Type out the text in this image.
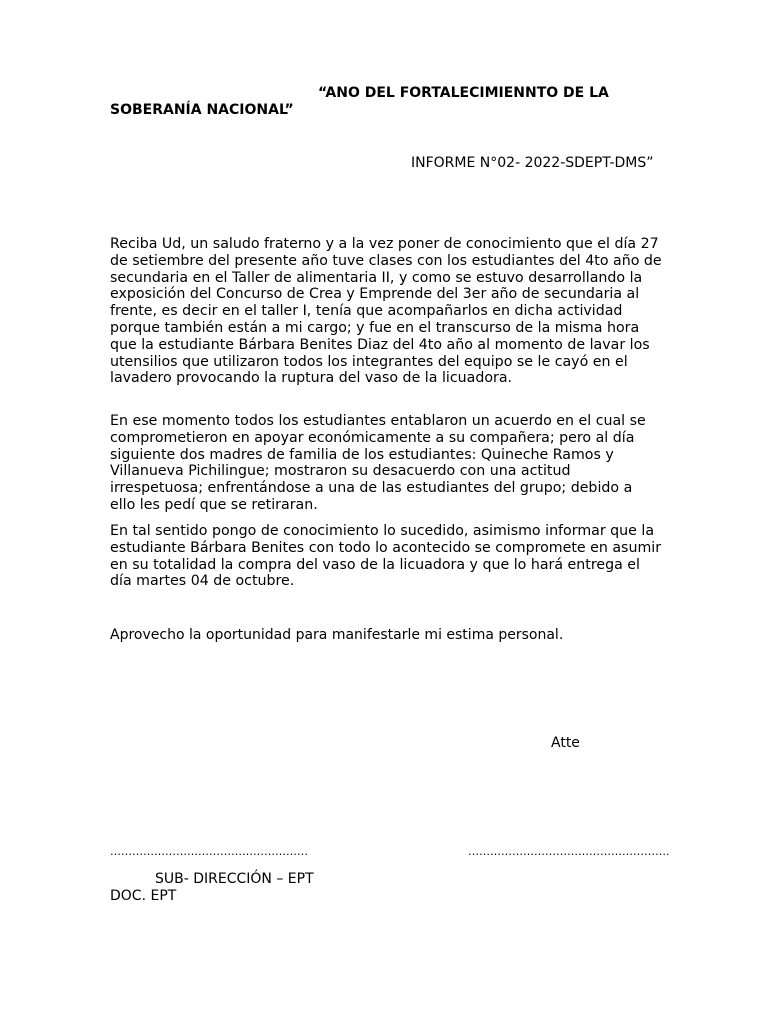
“ANO DEL FORTALECIMIENNTO DE LA SOBERANÍA NACIONAL”
INFORME N°02- 2022-SDEPT-DMS”

Reciba Ud, un saludo fraterno y a la vez poner de conocimiento que el día 27 de setiembre del presente año tuve clases con los estudiantes del 4to año de secundaria en el Taller de alimentaria II, y como se estuvo desarrollando la exposición del Concurso de Crea y Emprende del 3er año de secundaria al frente, es decir en el taller I, tenía que acompañarlos en dicha actividad porque también están a mi cargo; y fue en el transcurso de la misma hora que la estudiante Bárbara Benites Diaz del 4to año al momento de lavar los utensilios que utilizaron todos los integrantes del equipo se le cayó en el lavadero provocando la ruptura del vaso de la licuadora.

En ese momento todos los estudiantes entablaron un acuerdo en el cual se comprometieron en apoyar económicamente a su compañera; pero al día siguiente dos madres de familia de los estudiantes: Quineche Ramos y Villanueva Pichilingue; mostraron su desacuerdo con una actitud irrespetuosa; enfrentándose a una de las estudiantes del grupo; debido a ello les pedí que se retiraran.

En tal sentido pongo de conocimiento lo sucedido, asimismo informar que la estudiante Bárbara Benites con todo lo acontecido se compromete en asumir en su totalidad la compra del vaso de la licuadora y que lo hará entrega el día martes 04 de octubre.

Aprovecho la oportunidad para manifestarle mi estima personal.
Atte
………………………………………………	……………………………………………….
SUB- DIRECCIÓN – EPT
DOC. EPT
